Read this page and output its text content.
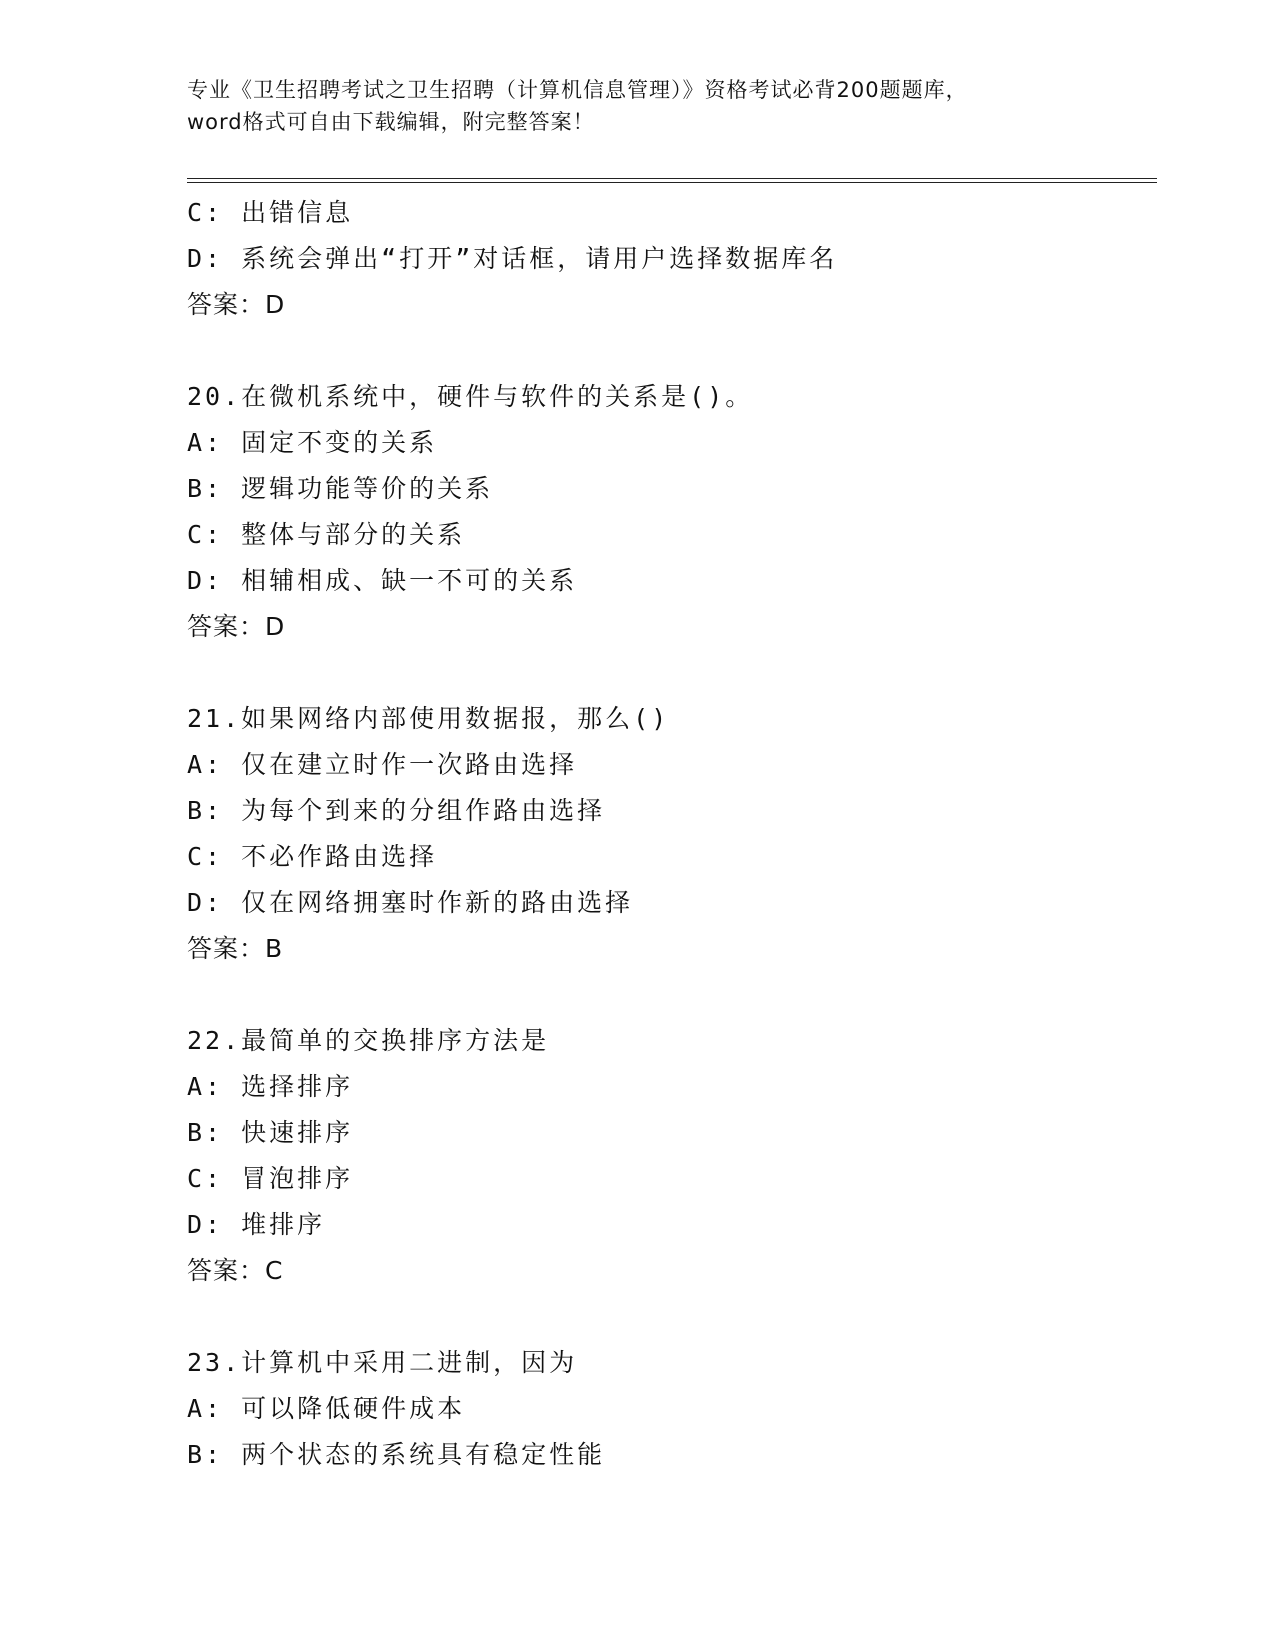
专业《卫生招聘考试之卫生招聘（计算机信息管理）》资格考试必背200题题库，
word格式可自由下载编辑，附完整答案！
C: 出错信息
D: 系统会弹出“打开”对话框，请用户选择数据库名
答案：D
20.在微机系统中，硬件与软件的关系是()。
A: 固定不变的关系
B: 逻辑功能等价的关系
C: 整体与部分的关系
D: 相辅相成、缺一不可的关系
答案：D
21.如果网络内部使用数据报，那么()
A: 仅在建立时作一次路由选择
B: 为每个到来的分组作路由选择
C: 不必作路由选择
D: 仅在网络拥塞时作新的路由选择
答案：B
22.最简单的交换排序方法是
A: 选择排序
B: 快速排序
C: 冒泡排序
D: 堆排序
答案：C
23.计算机中采用二进制，因为
A: 可以降低硬件成本
B: 两个状态的系统具有稳定性能
